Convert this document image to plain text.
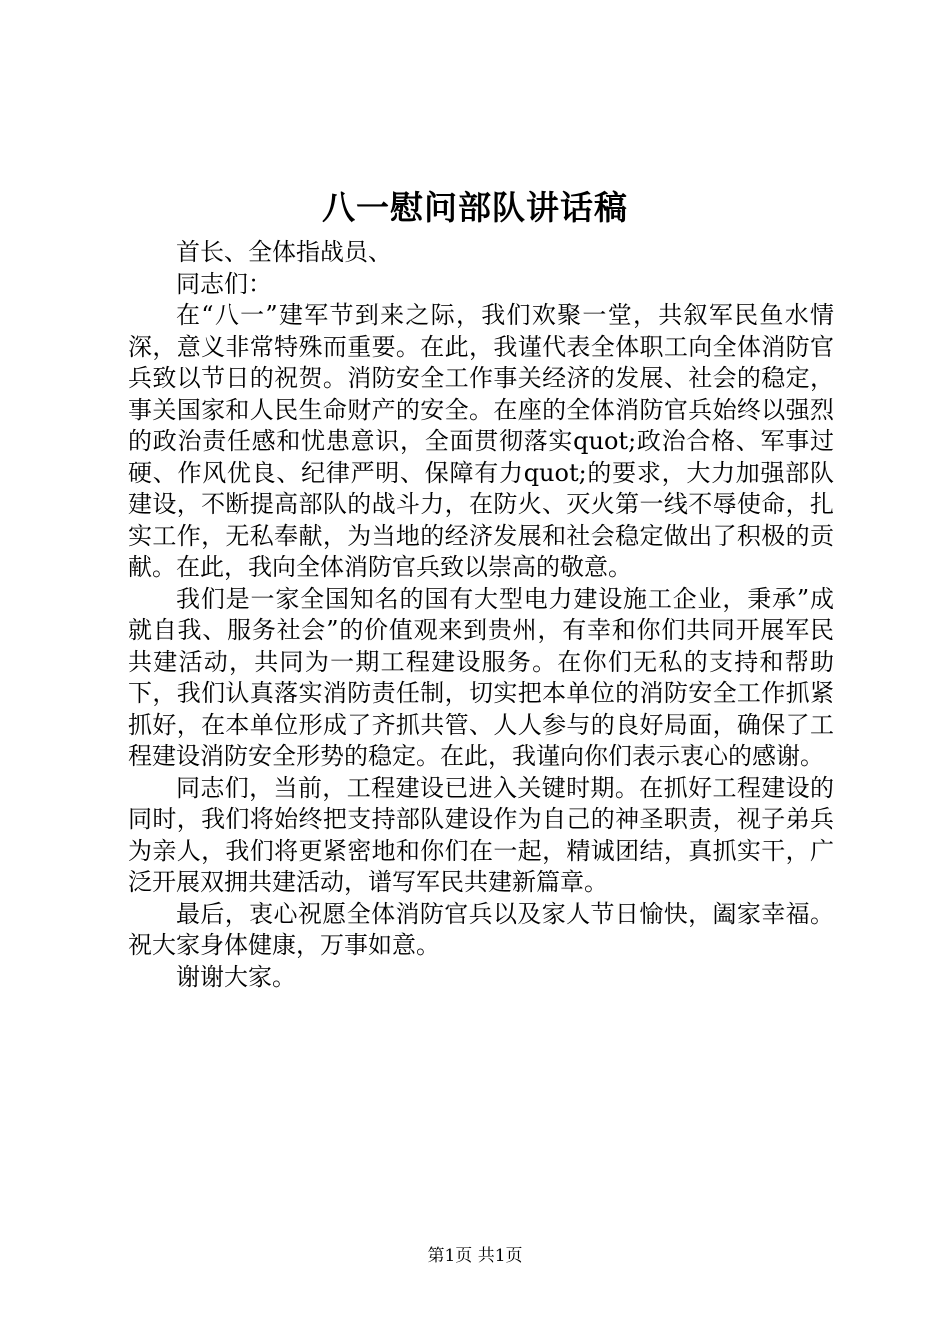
八一慰问部队讲话稿

首长、全体指战员、

同志们：

在“八一”建军节到来之际，我们欢聚一堂，共叙军民鱼水情深，意义非常特殊而重要。在此，我谨代表全体职工向全体消防官兵致以节日的祝贺。消防安全工作事关经济的发展、社会的稳定，事关国家和人民生命财产的安全。在座的全体消防官兵始终以强烈的政治责任感和忧患意识，全面贯彻落实quot;政治合格、军事过硬、作风优良、纪律严明、保障有力quot;的要求，大力加强部队建设，不断提高部队的战斗力，在防火、灭火第一线不辱使命，扎实工作，无私奉献，为当地的经济发展和社会稳定做出了积极的贡献。在此，我向全体消防官兵致以崇高的敬意。

我们是一家全国知名的国有大型电力建设施工企业，秉承”成就自我、服务社会”的价值观来到贵州，有幸和你们共同开展军民共建活动，共同为一期工程建设服务。在你们无私的支持和帮助下，我们认真落实消防责任制，切实把本单位的消防安全工作抓紧抓好，在本单位形成了齐抓共管、人人参与的良好局面，确保了工程建设消防安全形势的稳定。在此，我谨向你们表示衷心的感谢。

同志们，当前，工程建设已进入关键时期。在抓好工程建设的同时，我们将始终把支持部队建设作为自己的神圣职责，视子弟兵为亲人，我们将更紧密地和你们在一起，精诚团结，真抓实干，广泛开展双拥共建活动，谱写军民共建新篇章。

最后，衷心祝愿全体消防官兵以及家人节日愉快，阖家幸福。祝大家身体健康，万事如意。

谢谢大家。

第1页 共1页
